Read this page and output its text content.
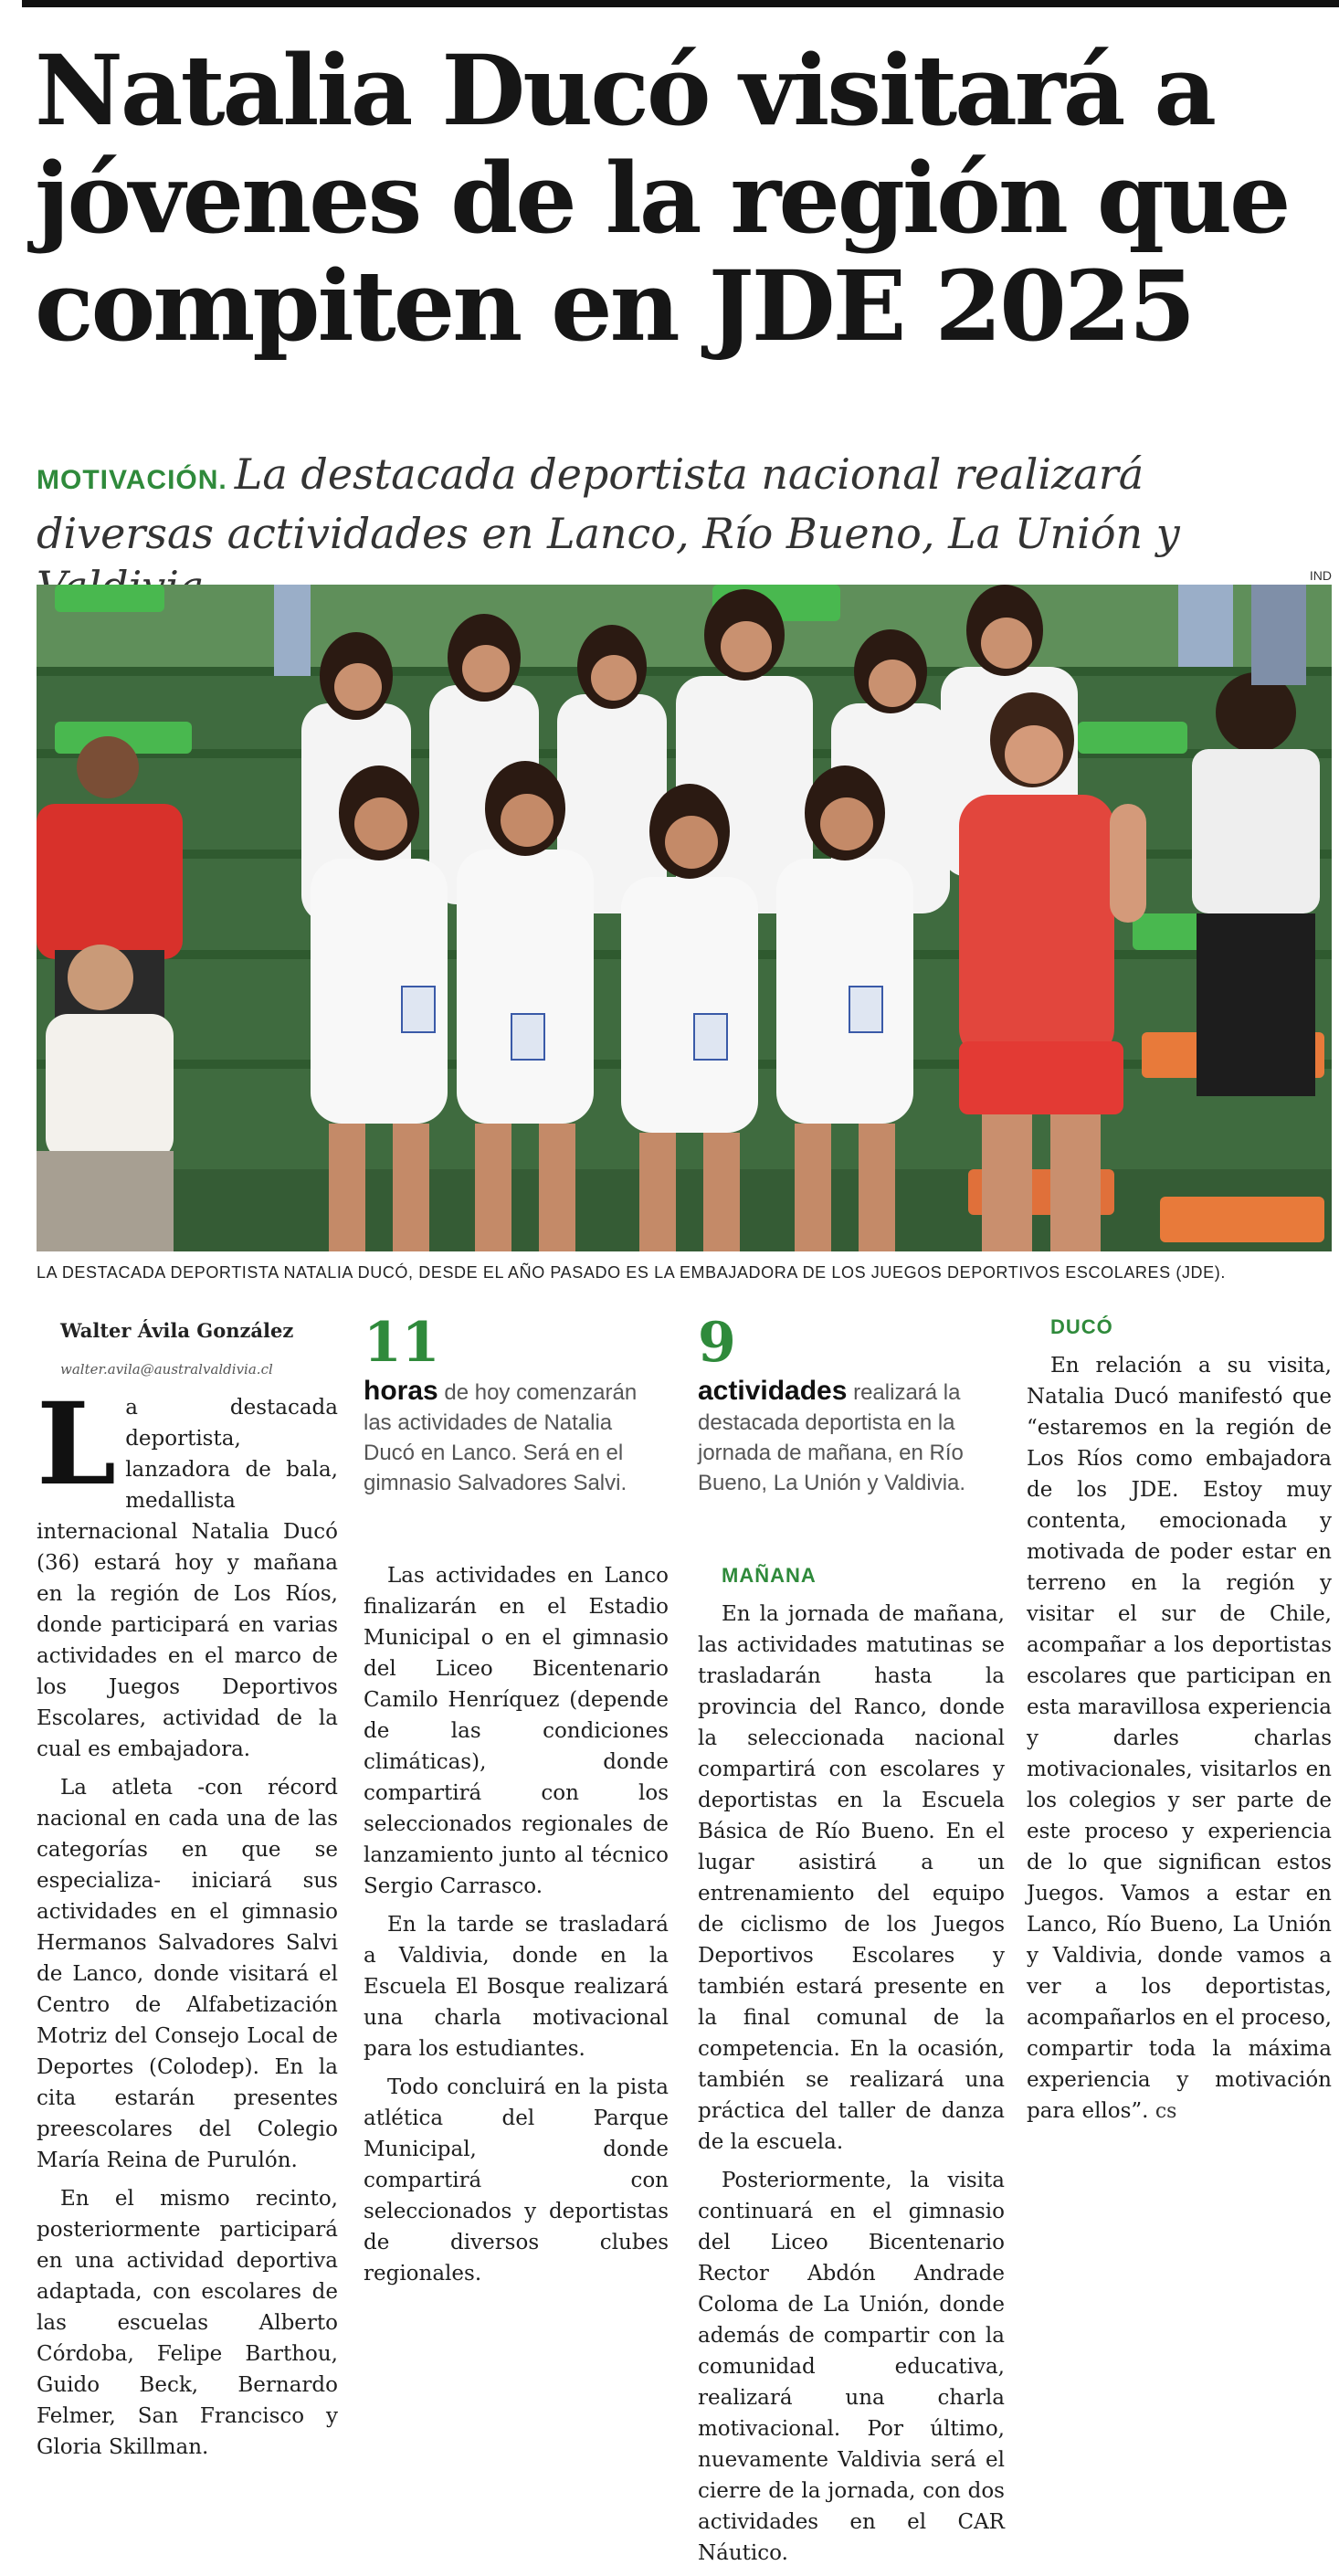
Natalia Ducó visitará a
jóvenes de la región que
compiten en JDE 2025
MOTIVACIÓN. La destacada deportista nacional realizará diversas actividades en Lanco, Río Bueno, La Unión y
IND
LA DESTACADA DEPORTISTA NATALIA DUCÓ, DESDE EL AÑO PASADO ES LA EMBAJADORA DE LOS JUEGOS DEPORTIVOS ESCOLARES (JDE).

Walter Ávila González

walter.avila@australvaldivia.cl

La destacada deportista, lanzadora de bala, medallista internacional Natalia Ducó (36) estará hoy y mañana en la región de Los Ríos, donde participará en varias actividades en el marco de los Juegos Deportivos Escolares, actividad de la cual es embajadora.

La atleta -con récord nacional en cada una de las categorías en que se especializa- iniciará sus actividades en el gimnasio Hermanos Salvadores Salvi de Lanco, donde visitará el Centro de Alfabetización Motriz del Consejo Local de Deportes (Colodep). En la cita estarán presentes preescolares del Colegio María Reina de Purulón.

En el mismo recinto, posteriormente participará en una actividad deportiva adaptada, con escolares de las escuelas Alberto Córdoba, Felipe Barthou, Guido Beck, Bernardo Felmer, San Francisco y Gloria Skillman.

11
horas de hoy comenzarán las actividades de Natalia Ducó en Lanco. Será en el gimnasio Salvadores Salvi.

Las actividades en Lanco finalizarán en el Estadio Municipal o en el gimnasio del Liceo Bicentenario Camilo Henríquez (depende de las condiciones climáticas), donde compartirá con los seleccionados regionales de lanzamiento junto al técnico Sergio Carrasco.

En la tarde se trasladará a Valdivia, donde en la Escuela El Bosque realizará una charla motivacional para los estudiantes.

Todo concluirá en la pista atlética del Parque Municipal, donde compartirá con seleccionados y deportistas de diversos clubes regionales.

9
actividades realizará la destacada deportista en la jornada de mañana, en Río Bueno, La Unión y Valdivia.

MAÑANA

En la jornada de mañana, las actividades matutinas se trasladarán hasta la provincia del Ranco, donde la seleccionada nacional compartirá con escolares y deportistas en la Escuela Básica de Río Bueno. En el lugar asistirá a un entrenamiento del equipo de ciclismo de los Juegos Deportivos Escolares y también estará presente en la final comunal de la competencia. En la ocasión, también se realizará una práctica del taller de danza de la escuela.

Posteriormente, la visita continuará en el gimnasio del Liceo Bicentenario Rector Abdón Andrade Coloma de La Unión, donde además de compartir con la comunidad educativa, realizará una charla motivacional. Por último, nuevamente Valdivia será el cierre de la jornada, con dos actividades en el CAR Náutico.

DUCÓ

En relación a su visita, Natalia Ducó manifestó que “estaremos en la región de Los Ríos como embajadora de los JDE. Estoy muy contenta, emocionada y motivada de poder estar en terreno en la región y visitar el sur de Chile, acompañar a los deportistas escolares que participan en esta maravillosa experiencia y darles charlas motivacionales, visitarlos en los colegios y ser parte de este proceso y experiencia de lo que significan estos Juegos. Vamos a estar en Lanco, Río Bueno, La Unión y Valdivia, donde vamos a ver a los deportistas, acompañarlos en el proceso, compartir toda la máxima experiencia y motivación para ellos”. cs
